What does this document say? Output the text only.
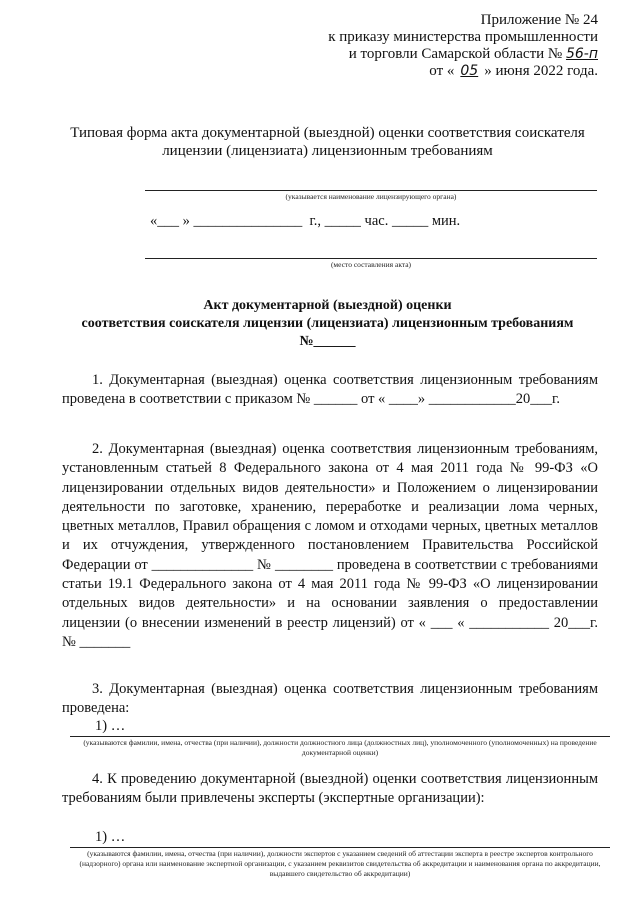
Приложение № 24
к приказу министерства промышленности
и торговли Самарской области № 56-п
от « 05 » июня 2022 года.
Типовая форма акта документарной (выездной) оценки соответствия соискателя
лицензии (лицензиата) лицензионным требованиям
(указывается наименование лицензирующего органа)
«___ » _______________  г., _____ час. _____ мин.
(место составления акта)
Акт документарной (выездной) оценки
соответствия соискателя лицензии (лицензиата) лицензионным требованиям
№______
1. Документарная (выездная) оценка соответствия лицензионным требованиям проведена в соответствии с приказом № ______ от « ____» ____________20___г.
2. Документарная (выездная) оценка соответствия лицензионным требованиям, установленным статьей 8 Федерального закона от 4 мая 2011 года № 99-ФЗ «О лицензировании отдельных видов деятельности» и Положением о лицензировании деятельности по заготовке, хранению, переработке и реализации лома черных, цветных металлов, Правил обращения с ломом и отходами черных, цветных металлов и их отчуждения, утвержденного постановлением Правительства Российской Федерации от ______________ № ________ проведена в соответствии с требованиями статьи 19.1 Федерального закона от 4 мая 2011 года № 99-ФЗ «О лицензировании отдельных видов деятельности» и на основании заявления о предоставлении лицензии (о внесении изменений в реестр лицензий) от « ___ « ___________ 20___г. № _______
3. Документарная (выездная) оценка соответствия лицензионным требованиям проведена:
1) …
(указываются фамилии, имена, отчества (при наличии), должности должностного лица (должностных лиц), уполномоченного (уполномоченных) на проведение документарной оценки)
4. К проведению документарной (выездной) оценки соответствия лицензионным требованиям были привлечены эксперты (экспертные организации):
1) …
(указываются фамилии, имена, отчества (при наличии), должности экспертов с указанием сведений об аттестации эксперта в реестре экспертов контрольного (надзорного) органа или наименование экспертной организации, с указанием реквизитов свидетельства об аккредитации и наименования органа по аккредитации, выдавшего свидетельство об аккредитации)
